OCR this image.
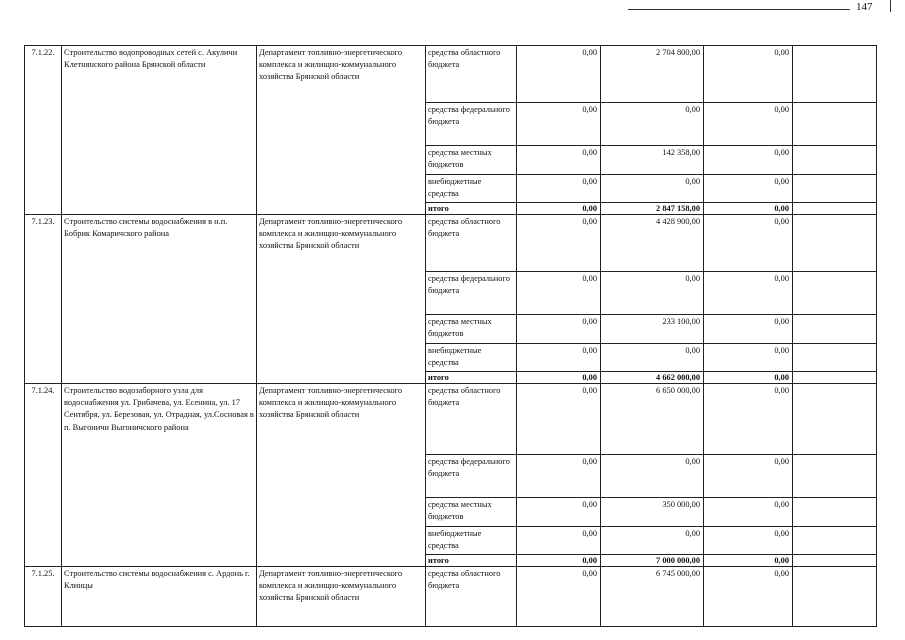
147
7.1.22.	Строительство водопроводных сетей с. Акуличи Клетнянского района Брянской области	Департамент топливно-энергетического комплекса и жилищно-коммунального хозяйства Брянской области	средства областного бюджета	0,00	2 704 800,00	0,00	
			средства федерального бюджета	0,00	0,00	0,00	
			средства местных бюджетов	0,00	142 358,00	0,00	
			внебюджетные средства	0,00	0,00	0,00	
			итого	0,00	2 847 158,00	0,00	
7.1.23.	Строительство системы водоснабжения в н.п. Бобрик Комаричского района	Департамент топливно-энергетического комплекса и жилищно-коммунального хозяйства Брянской области	средства областного бюджета	0,00	4 428 900,00	0,00	
			средства федерального бюджета	0,00	0,00	0,00	
			средства местных бюджетов	0,00	233 100,00	0,00	
			внебюджетные средства	0,00	0,00	0,00	
			итого	0,00	4 662 000,00	0,00	
7.1.24.	Строительство водозаборного узла для водоснабжения ул. Грибачева, ул. Есенина, ул. 17 Сентября, ул. Березовая, ул. Отрадная, ул.Сосновая в п. Выгоничи Выгоничского района	Департамент топливно-энергетического комплекса и жилищно-коммунального хозяйства Брянской области	средства областного бюджета	0,00	6 650 000,00	0,00	
			средства федерального бюджета	0,00	0,00	0,00	
			средства местных бюджетов	0,00	350 000,00	0,00	
			внебюджетные средства	0,00	0,00	0,00	
			итого	0,00	7 000 000,00	0,00	
7.1.25.	Строительство системы водоснабжения с. Ардонь г. Клинцы	Департамент топливно-энергетического комплекса и жилищно-коммунального хозяйства Брянской области	средства областного бюджета	0,00	6 745 000,00	0,00	
